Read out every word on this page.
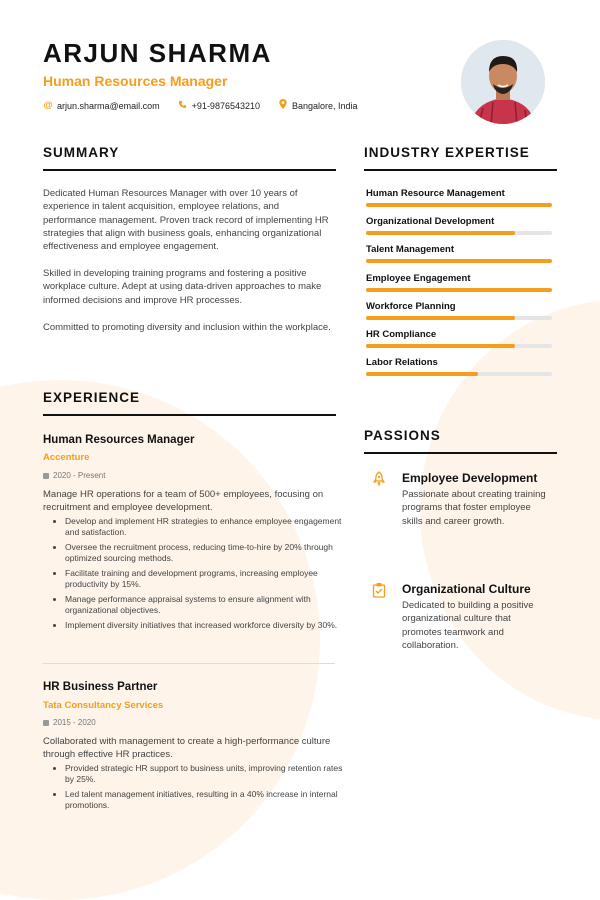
ARJUN SHARMA
Human Resources Manager
@ arjun.sharma@email.com	+91-9876543210	Bangalore, India
SUMMARY

Dedicated Human Resources Manager with over 10 years of experience in talent acquisition, employee relations, and performance management. Proven track record of implementing HR strategies that align with business goals, enhancing organizational effectiveness and employee engagement.

Skilled in developing training programs and fostering a positive workplace culture. Adept at using data-driven approaches to make informed decisions and improve HR processes.

Committed to promoting diversity and inclusion within the workplace.

EXPERIENCE
Human Resources Manager
Accenture
2020 - Present

Manage HR operations for a team of 500+ employees, focusing on recruitment and employee development.

• Develop and implement HR strategies to enhance employee engagement and satisfaction.
• Oversee the recruitment process, reducing time-to-hire by 20% through optimized sourcing methods.
• Facilitate training and development programs, increasing employee productivity by 15%.
• Manage performance appraisal systems to ensure alignment with organizational objectives.
• Implement diversity initiatives that increased workforce diversity by 30%.
HR Business Partner
Tata Consultancy Services
2015 - 2020

Collaborated with management to create a high-performance culture through effective HR practices.

• Provided strategic HR support to business units, improving retention rates by 25%.
• Led talent management initiatives, resulting in a 40% increase in internal promotions.
INDUSTRY EXPERTISE
Human Resource Management
Organizational Development
Talent Management
Employee Engagement
Workforce Planning
HR Compliance
Labor Relations
PASSIONS
Employee Development

Passionate about creating training programs that foster employee skills and career growth.

Organizational Culture

Dedicated to building a positive organizational culture that promotes teamwork and collaboration.
